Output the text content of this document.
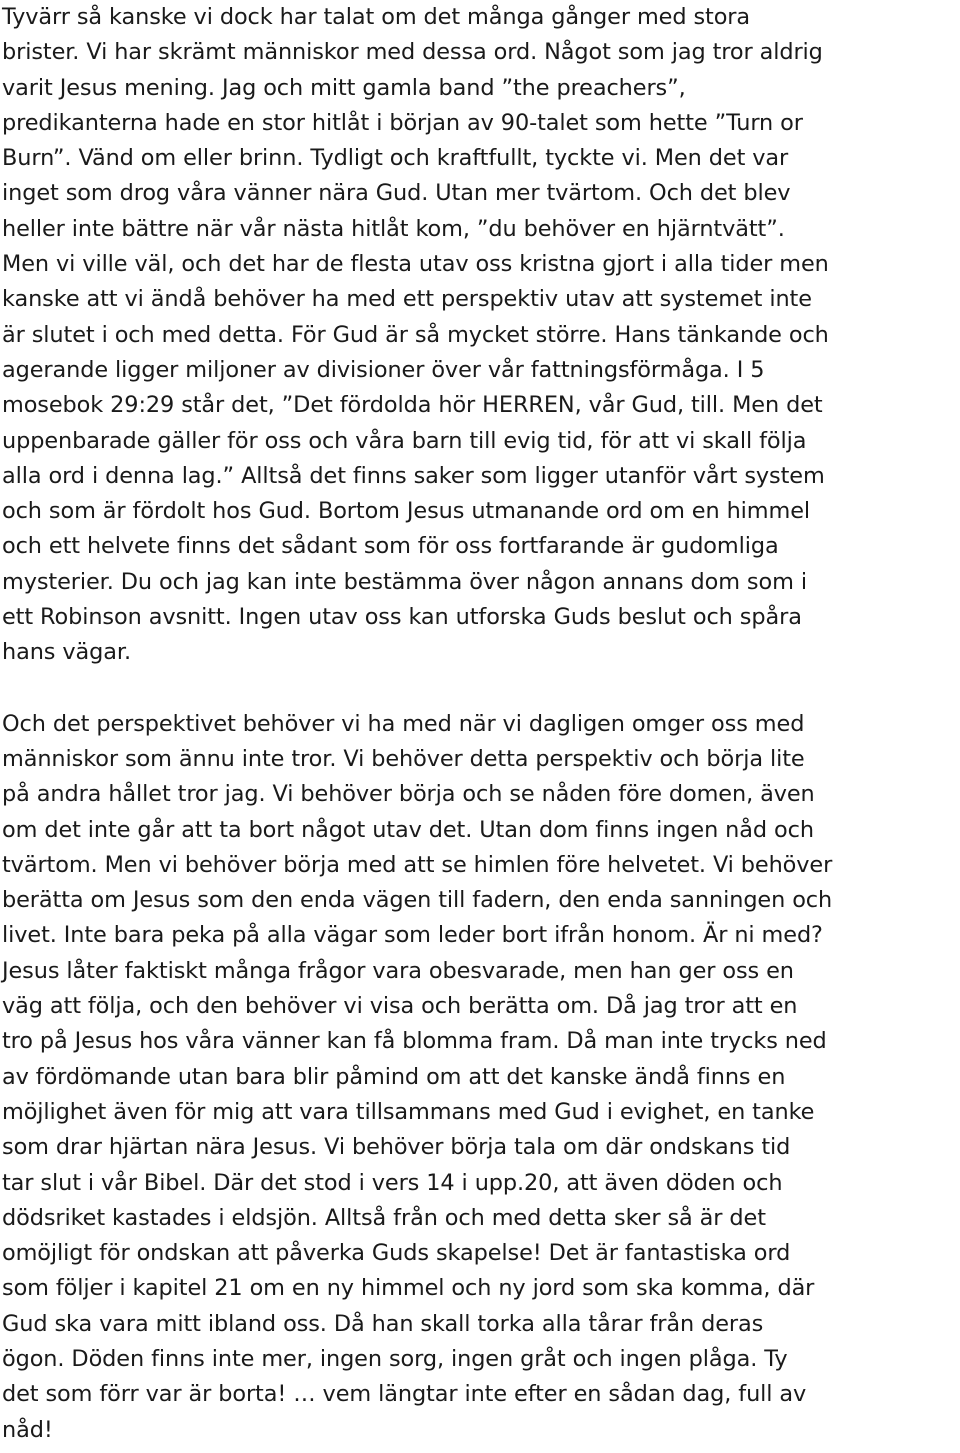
Tyvärr så kanske vi dock har talat om det många gånger med stora
brister. Vi har skrämt människor med dessa ord. Något som jag tror aldrig
varit Jesus mening. Jag och mitt gamla band ”the preachers”,
predikanterna hade en stor hitlåt i början av 90-talet som hette ”Turn or
Burn”. Vänd om eller brinn. Tydligt och kraftfullt, tyckte vi. Men det var
inget som drog våra vänner nära Gud. Utan mer tvärtom. Och det blev
heller inte bättre när vår nästa hitlåt kom, ”du behöver en hjärntvätt”.
Men vi ville väl, och det har de flesta utav oss kristna gjort i alla tider men
kanske att vi ändå behöver ha med ett perspektiv utav att systemet inte
är slutet i och med detta. För Gud är så mycket större. Hans tänkande och
agerande ligger miljoner av divisioner över vår fattningsförmåga. I 5
mosebok 29:29 står det, ”Det fördolda hör HERREN, vår Gud, till. Men det
uppenbarade gäller för oss och våra barn till evig tid, för att vi skall följa
alla ord i denna lag.” Alltså det finns saker som ligger utanför vårt system
och som är fördolt hos Gud. Bortom Jesus utmanande ord om en himmel
och ett helvete finns det sådant som för oss fortfarande är gudomliga
mysterier. Du och jag kan inte bestämma över någon annans dom som i
ett Robinson avsnitt. Ingen utav oss kan utforska Guds beslut och spåra
hans vägar.
Och det perspektivet behöver vi ha med när vi dagligen omger oss med
människor som ännu inte tror. Vi behöver detta perspektiv och börja lite
på andra hållet tror jag. Vi behöver börja och se nåden före domen, även
om det inte går att ta bort något utav det. Utan dom finns ingen nåd och
tvärtom. Men vi behöver börja med att se himlen före helvetet. Vi behöver
berätta om Jesus som den enda vägen till fadern, den enda sanningen och
livet. Inte bara peka på alla vägar som leder bort ifrån honom. Är ni med?
Jesus låter faktiskt många frågor vara obesvarade, men han ger oss en
väg att följa, och den behöver vi visa och berätta om. Då jag tror att en
tro på Jesus hos våra vänner kan få blomma fram. Då man inte trycks ned
av fördömande utan bara blir påmind om att det kanske ändå finns en
möjlighet även för mig att vara tillsammans med Gud i evighet, en tanke
som drar hjärtan nära Jesus. Vi behöver börja tala om där ondskans tid
tar slut i vår Bibel. Där det stod i vers 14 i upp.20, att även döden och
dödsriket kastades i eldsjön. Alltså från och med detta sker så är det
omöjligt för ondskan att påverka Guds skapelse! Det är fantastiska ord
som följer i kapitel 21 om en ny himmel och ny jord som ska komma, där
Gud ska vara mitt ibland oss. Då han skall torka alla tårar från deras
ögon. Döden finns inte mer, ingen sorg, ingen gråt och ingen plåga. Ty
det som förr var är borta! … vem längtar inte efter en sådan dag, full av
nåd!
